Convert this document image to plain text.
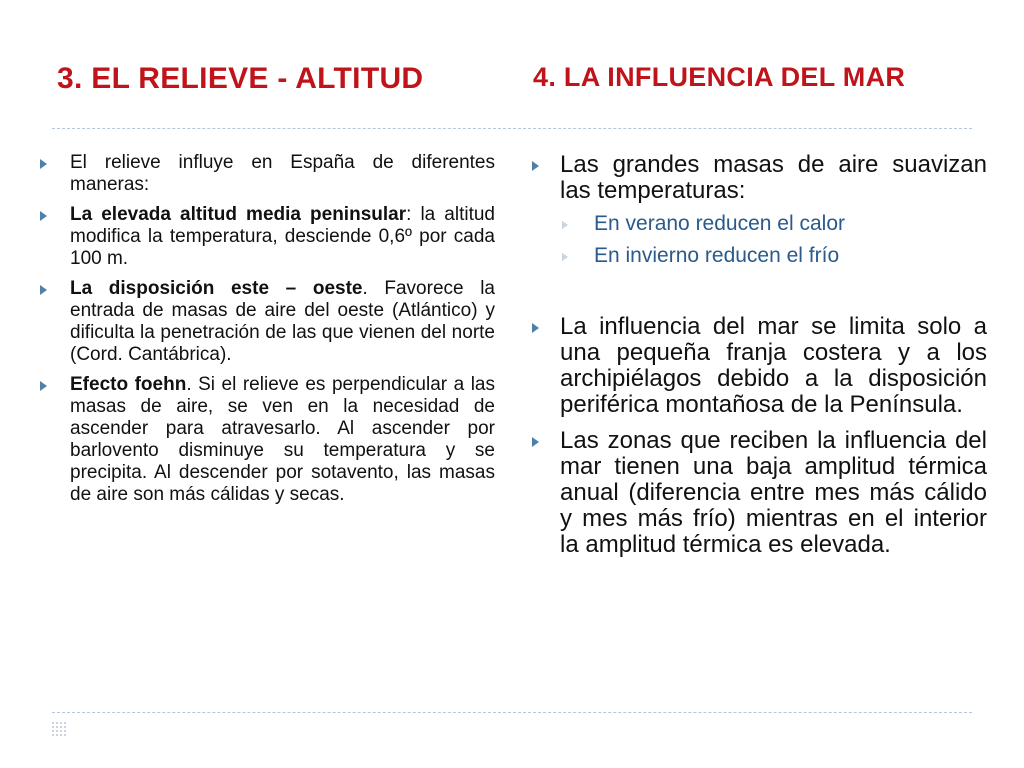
3. EL RELIEVE - ALTITUD	4. LA INFLUENCIA DEL MAR
El relieve influye en España de diferentes maneras:
La elevada altitud media peninsular: la altitud modifica la temperatura, desciende 0,6º por cada 100 m.
La disposición este – oeste. Favorece la entrada de masas de aire del oeste (Atlántico) y dificulta la penetración de las que vienen del norte (Cord. Cantábrica).
Efecto foehn. Si el relieve es perpendicular a las masas de aire, se ven en la necesidad de ascender para atravesarlo. Al ascender por barlovento disminuye su temperatura y se precipita. Al descender por sotavento, las masas de aire son más cálidas y secas.
Las grandes masas de aire suavizan las temperaturas:
En verano reducen el calor
En invierno reducen el frío
La influencia del mar se limita solo a una pequeña franja costera y a los archipiélagos debido a la disposición periférica montañosa de la Península.
Las zonas que reciben la influencia del mar tienen una baja amplitud térmica anual (diferencia entre mes más cálido y mes más frío) mientras en el interior la amplitud térmica es elevada.
